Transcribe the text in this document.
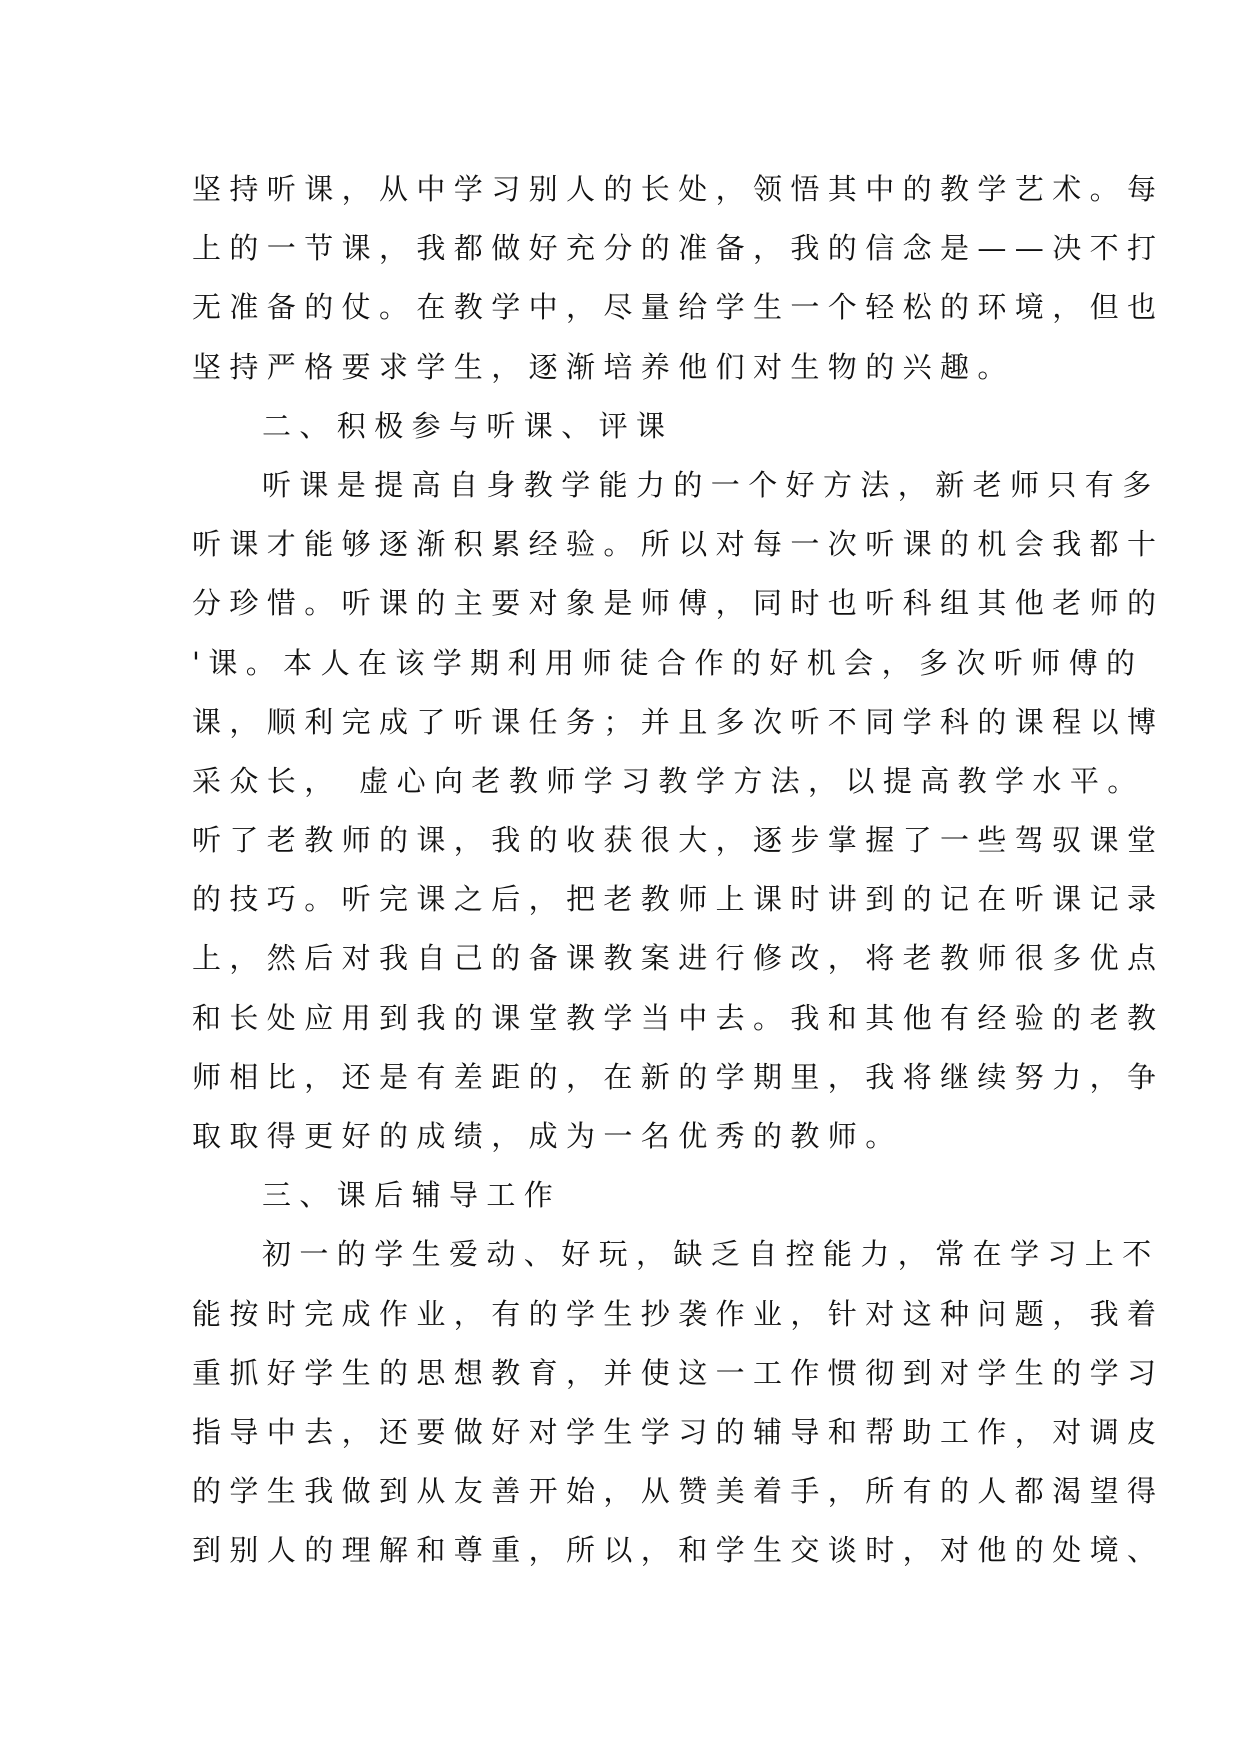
坚持听课，从中学习别人的长处，领悟其中的教学艺术。每
上的一节课，我都做好充分的准备，我的信念是——决不打
无准备的仗。在教学中，尽量给学生一个轻松的环境，但也
坚持严格要求学生，逐渐培养他们对生物的兴趣。
二、积极参与听课、评课
听课是提高自身教学能力的一个好方法，新老师只有多
听课才能够逐渐积累经验。所以对每一次听课的机会我都十
分珍惜。听课的主要对象是师傅，同时也听科组其他老师的
'课。本人在该学期利用师徒合作的好机会，多次听师傅的
课，顺利完成了听课任务；并且多次听不同学科的课程以博
采众长， 虚心向老教师学习教学方法，以提高教学水平。
听了老教师的课，我的收获很大，逐步掌握了一些驾驭课堂
的技巧。听完课之后，把老教师上课时讲到的记在听课记录
上，然后对我自己的备课教案进行修改，将老教师很多优点
和长处应用到我的课堂教学当中去。我和其他有经验的老教
师相比，还是有差距的，在新的学期里，我将继续努力，争
取取得更好的成绩，成为一名优秀的教师。
三、课后辅导工作
初一的学生爱动、好玩，缺乏自控能力，常在学习上不
能按时完成作业，有的学生抄袭作业，针对这种问题，我着
重抓好学生的思想教育，并使这一工作惯彻到对学生的学习
指导中去，还要做好对学生学习的辅导和帮助工作，对调皮
的学生我做到从友善开始，从赞美着手，所有的人都渴望得
到别人的理解和尊重，所以，和学生交谈时，对他的处境、
